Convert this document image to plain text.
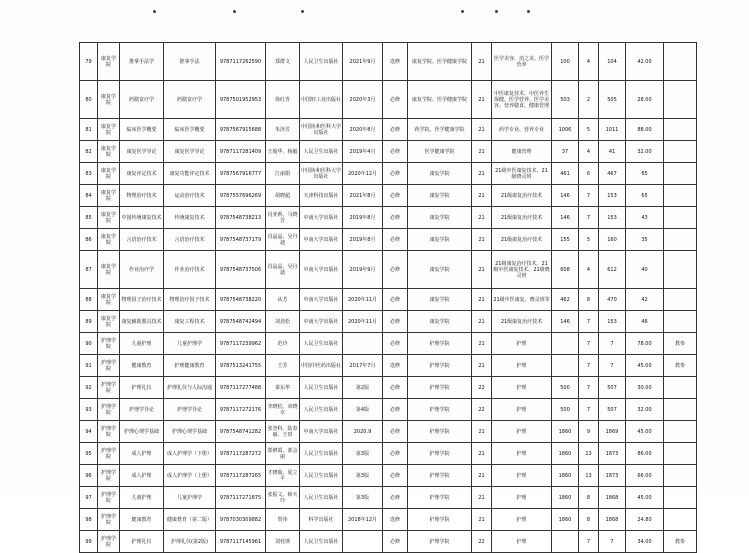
79	康复学院	推拿手法学	推拿手法	9787117262590	郑群文	人民卫生出版社	2021年9月	选修	康复学院、医学健康学院	21	医学美容、消之美、医学营养	100	4	104	42.00	
80	康复学院	药膳食疗学	药膳食疗学	9787501952953	徐红青	中国轻工业出版社	2020年3月	必修	康复学院、医学健康学院	21	中医康复技术、中医养生保健、医学营养、医学美容、营养膳食、健康管理	503	2	505	28.00	
81	康复学院	临床医学概要	临床医学概要	9787567915688	朱泽芳	中国协和医科大学出版社	2020年8月	必修	药学院、医学健康学院	21	药学专业、营养专业	1006	5	1011	88.00	
82	康复学院	康复医学导论	康复医学导论	9787117281409	王俊华、杨毅	人民卫生出版社	2019年4月	必修	医学健康学院	21	健康管理	37	4	41	32.00	
83	康复学院	康复评定技术	康复功能评定技术	9787567916777	江丽娟	中国协和医科大学出版社	2020年12月	必修	康复学院	21	21级中医康复技术、21级晓灵班	461	6	467	65	
84	康复学院	物理治疗技术	运动治疗技术	9787557696269	胡晓超	天津科技出版社	2021年8月	必修	康复学院	21	21级康复治疗技术	146	7	153	65	
85	康复学院	中国传统康复技术	传统康复技术	9787548738213	闫亚莉、马晓芳	中南大学出版社	2019年8月	必修	康复学院	21	21级康复治疗技术	146	7	153	43	
86	康复学院	言语治疗技术	言语治疗技术	9787548737179	肖晶晶、吴丹迪	中南大学出版社	2019年8月	必修	康复学院	21	21级康复治疗技术	155	5	160	35	
87	康复学院	作业治疗学	作业治疗技术	9787548737506	肖晶晶、吴丹迪	中南大学出版社	2019年9月	必修	康复学院	21	21级康复治疗技术、21级中医康复技术、21级晓灵班	608	4	612	40	
88	康复学院	物理因子治疗技术	物理治疗因子技术	9787548738220	从芳	中南大学出版社	2020年11月	必修	康复学院	21	21级中医康复、晓灵班等	462	8	470	42	
89	康复学院	康复辅助器具技术	康复工程技术	9787548742494	刘劲松	中南大学出版社	2020年11月	必修	康复学院	21	21级康复治疗技术	146	7	153	46	
90	护理学院	儿童护理	儿童护理学	9787117239962	范玲	人民卫生出版社		必修	护理学院	21	护理		7	7	78.00	教参
91	护理学院	健康教育	护理健康教育	9787513241755	王芳	中国中医药出版社	2017年7月	选修	护理学院	21	护理		7	7	45.00	教参
92	护理学院	护理礼仪	护理礼仪与人际沟通	9787117277488	秦东华	人民卫生出版社	第2版	必修	护理学院	22	护理	500	7	507	30.00	
93	护理学院	护理学导论	护理学导论	9787117272176	李晓松、章晓幸	人民卫生出版社	第4版	必修	护理学院	22	护理	500	7	507	32.00	
94	护理学院	护理心理学基础	护理心理学基础	9787548741282	张登科、陆春丽、王田	中南大学出版社	2020.9	必修	护理学院	21	护理	1860	9	1869	45.00	
95	护理学院	成人护理	成人护理学（下册）	9787117287272	郑修霞、郭会丽	人民卫生出版社	第3版	必修	护理学院	21	护理	1860	13	1873	86.00	
96	护理学院	成人护理	成人护理学（上册）	9787117287265	才晓茹、夏立平	人民卫生出版社	第3版	必修	护理学院	21	护理	1860	13	1873	66.00	
97	护理学院	儿童护理	儿童护理学	9787117271875	张振文、韩天玲	人民卫生出版社	第3版	必修	护理学院	21	护理	1860	8	1868	45.00	
98	护理学院	健康教育	健康教育（第二版）	9787030309882	贺伟	科学出版社	2018年12月	选修	护理学院	21	护理	1860	8	1868	24.80	
99	护理学院	护理礼仪	护理礼仪(第2版)	9787117145961	刘桂瑛	人民卫生出版社		必修	护理学院	22	护理		7	7	34.00	教参
